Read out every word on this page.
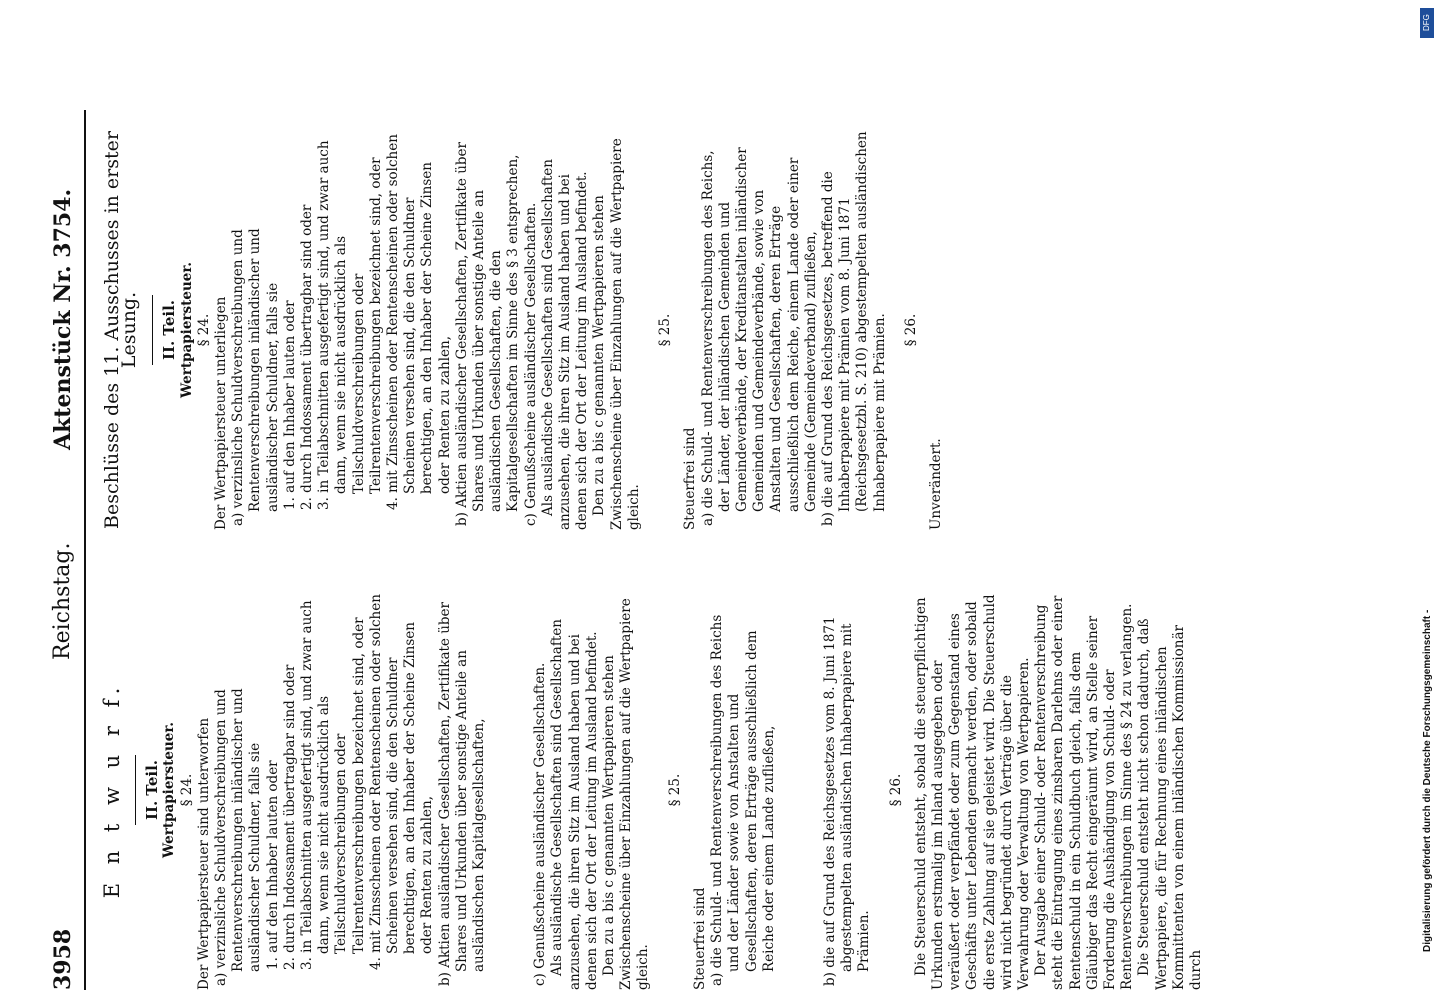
3958
Reichstag.
Aktenstück Nr. 3754.
E n t w u r f. II. Teil. Wertpapiersteuer. § 24. Der Wertpapiersteuer sind unterworfen a) verzinsliche Schuldverschreibungen und Rentenverschreibungen inländischer und ausländischer Schuldner, falls sie 1. auf den Inhaber lauten oder 2. durch Indossament übertragbar sind oder 3. in Teilabschnitten ausgefertigt sind, und zwar auch dann, wenn sie nicht ausdrücklich als Teilschuldverschreibungen oder Teilrentenverschreibungen bezeichnet sind, oder 4. mit Zinsscheinen oder Rentenscheinen oder solchen Scheinen versehen sind, die den Schuldner berechtigen, an den Inhaber der Scheine Zinsen oder Renten zu zahlen, b) Aktien ausländischer Gesellschaften, Zertifikate über Shares und Urkunden über sonstige Anteile an ausländischen Kapitalgesellschaften,	c) Genußscheine ausländischer Gesellschaften. Als ausländische Gesellschaften sind Gesellschaften anzusehen, die ihren Sitz im Ausland haben und bei denen sich der Ort der Leitung im Ausland befindet. Den zu a bis c genannten Wertpapieren stehen Zwischenscheine über Einzahlungen auf die Wertpapiere gleich.

§ 25.

Steuerfrei sind a) die Schuld- und Rentenverschreibungen des Reichs und der Länder sowie von Anstalten und Gesellschaften, deren Erträge ausschließlich dem Reiche oder einem Lande zufließen,	b) die auf Grund des Reichsgesetzes vom 8. Juni 1871 abgestempelten ausländischen Inhaberpapiere mit Prämien.

§ 26. Die Steuerschuld entsteht, sobald die steuerpflichtigen Urkunden erstmalig im Inland ausgegeben oder veräußert oder verpfändet oder zum Gegenstand eines Geschäfts unter Lebenden gemacht werden, oder sobald die erste Zahlung auf sie geleistet wird. Die Steuerschuld wird nicht begründet durch Verträge über die Verwahrung oder Verwaltung von Wertpapieren. Der Ausgabe einer Schuld- oder Rentenverschreibung steht die Eintragung eines zinsbaren Darlehns oder einer Rentenschuld in ein Schuldbuch gleich, falls dem Gläubiger das Recht eingeräumt wird, an Stelle seiner Forderung die Aushändigung von Schuld- oder Rentenverschreibungen im Sinne des § 24 zu verlangen. Die Steuerschuld entsteht nicht schon dadurch, daß Wertpapiere, die für Rechnung eines inländischen Kommittenten von einem inländischen Kommissionär durch

Beschlüsse des 11. Ausschusses in erster Lesung. II. Teil. Wertpapiersteuer. § 24. Der Wertpapiersteuer unterliegen a) verzinsliche Schuldverschreibungen und Rentenverschreibungen inländischer und ausländischer Schuldner, falls sie 1. auf den Inhaber lauten oder 2. durch Indossament übertragbar sind oder 3. in Teilabschnitten ausgefertigt sind, und zwar auch dann, wenn sie nicht ausdrücklich als Teilschuldverschreibungen oder Teilrentenverschreibungen bezeichnet sind, oder 4. mit Zinsscheinen oder Rentenscheinen oder solchen Scheinen versehen sind, die den Schuldner berechtigen, an den Inhaber der Scheine Zinsen oder Renten zu zahlen, b) Aktien ausländischer Gesellschaften, Zertifikate über Shares und Urkunden über sonstige Anteile an ausländischen Gesellschaften, die den Kapitalgesellschaften im Sinne des § 3 entsprechen, c) Genußscheine ausländischer Gesellschaften. Als ausländische Gesellschaften sind Gesellschaften anzusehen, die ihren Sitz im Ausland haben und bei denen sich der Ort der Leitung im Ausland befindet. Den zu a bis c genannten Wertpapieren stehen Zwischenscheine über Einzahlungen auf die Wertpapiere gleich.

§ 25.

Steuerfrei sind a) die Schuld- und Rentenverschreibungen des Reichs, der Länder, der inländischen Gemeinden und Gemeindeverbände, der Kreditanstalten inländischer Gemeinden und Gemeindeverbände, sowie von Anstalten und Gesellschaften, deren Erträge ausschließlich dem Reiche, einem Lande oder einer Gemeinde (Gemeindeverband) zufließen, b) die auf Grund des Reichsgesetzes, betreffend die Inhaberpapiere mit Prämien vom 8. Juni 1871 (Reichsgesetzbl. S. 210) abgestempelten ausländischen Inhaberpapiere mit Prämien. § 26.

Unverändert.

Digitalisierung gefördert durch die Deutsche Forschungsgemeinschaft -
DFG
